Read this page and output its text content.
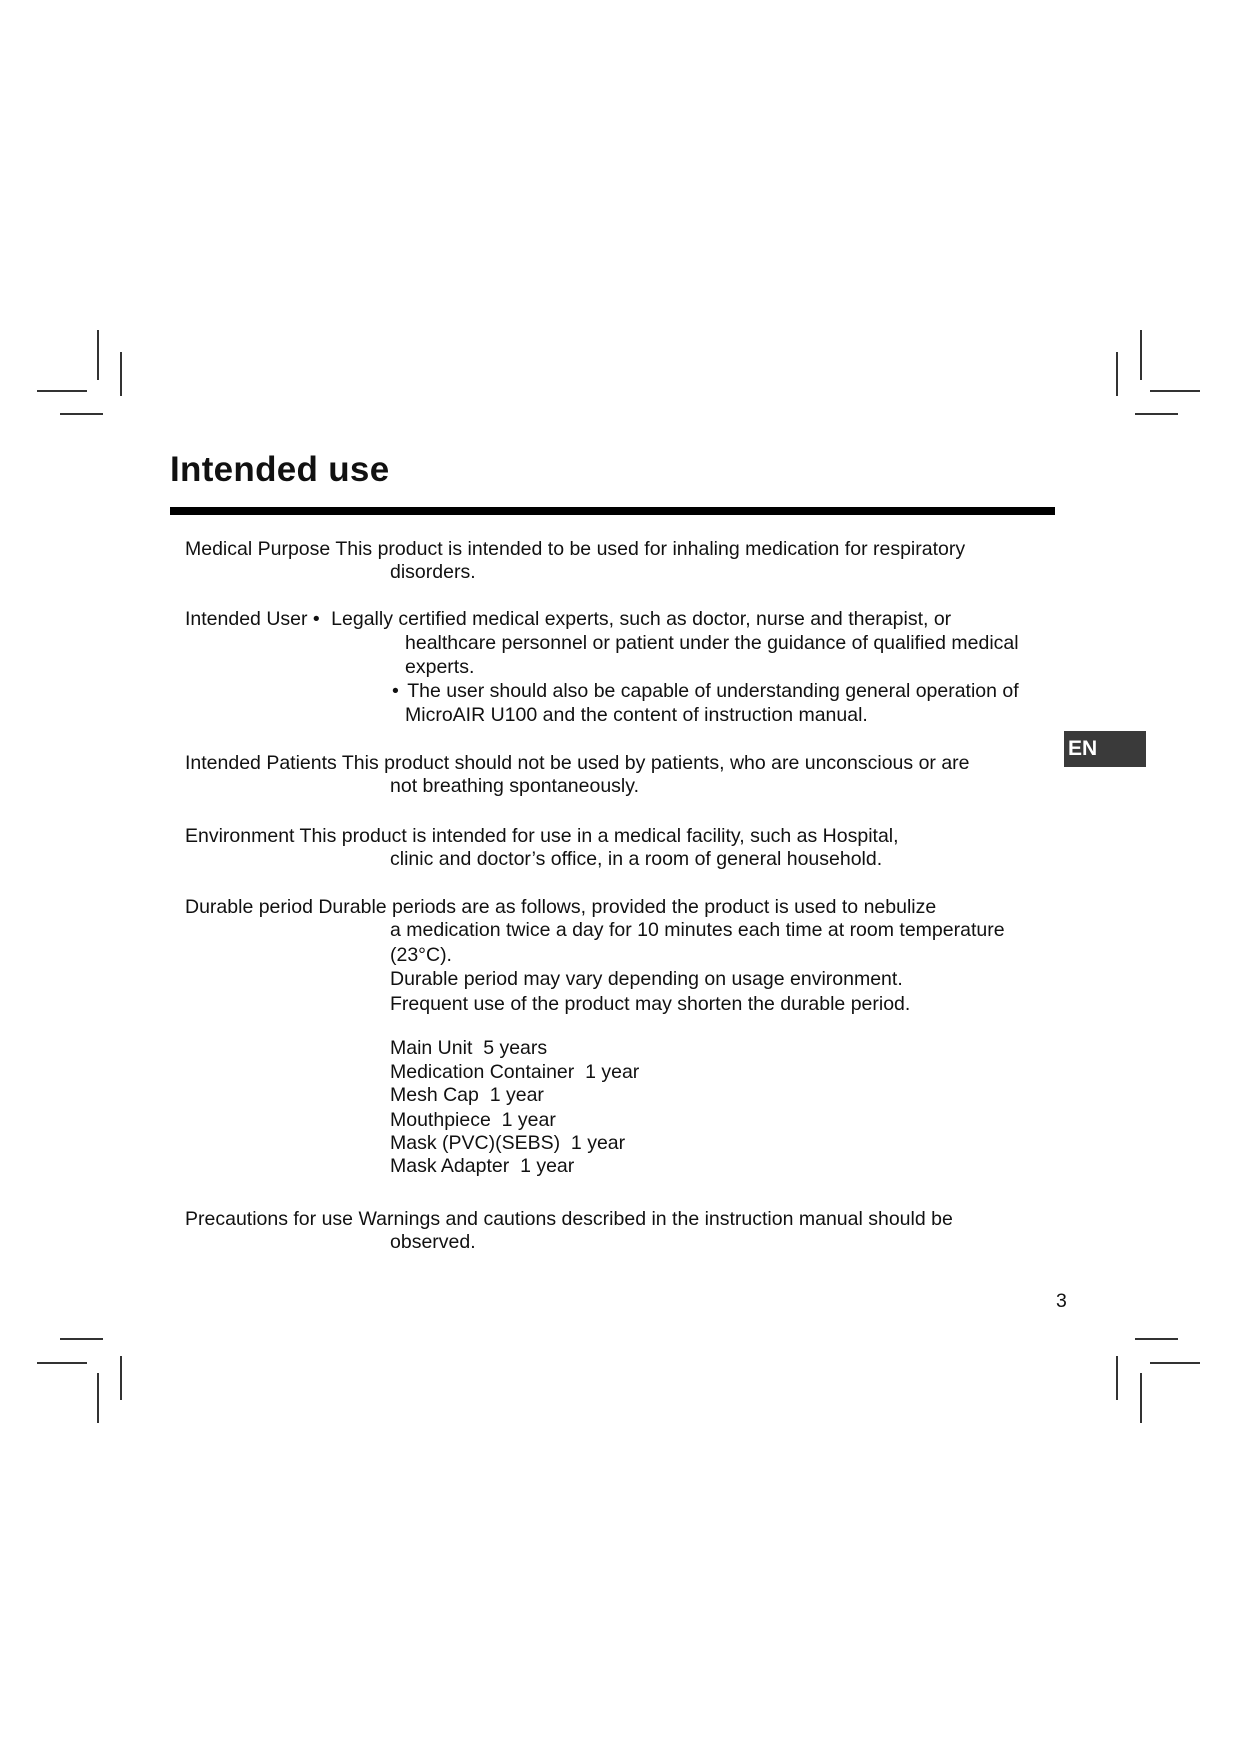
Intended use
Medical Purpose This product is intended to be used for inhaling medication for respiratory
disorders.
Intended User • Legally certified medical experts, such as doctor, nurse and therapist, or
healthcare personnel or patient under the guidance of qualified medical
experts.
• The user should also be capable of understanding general operation of
MicroAIR U100 and the content of instruction manual.
Intended Patients This product should not be used by patients, who are unconscious or are
not breathing spontaneously.
Environment This product is intended for use in a medical facility, such as Hospital,
clinic and doctor’s office, in a room of general household.
Durable period Durable periods are as follows, provided the product is used to nebulize
a medication twice a day for 10 minutes each time at room temperature
(23°C).
Durable period may vary depending on usage environment.
Frequent use of the product may shorten the durable period.
Main Unit  5 years
Medication Container  1 year
Mesh Cap  1 year
Mouthpiece  1 year
Mask (PVC)(SEBS)  1 year
Mask Adapter  1 year
Precautions for use Warnings and cautions described in the instruction manual should be
observed.
EN
3
